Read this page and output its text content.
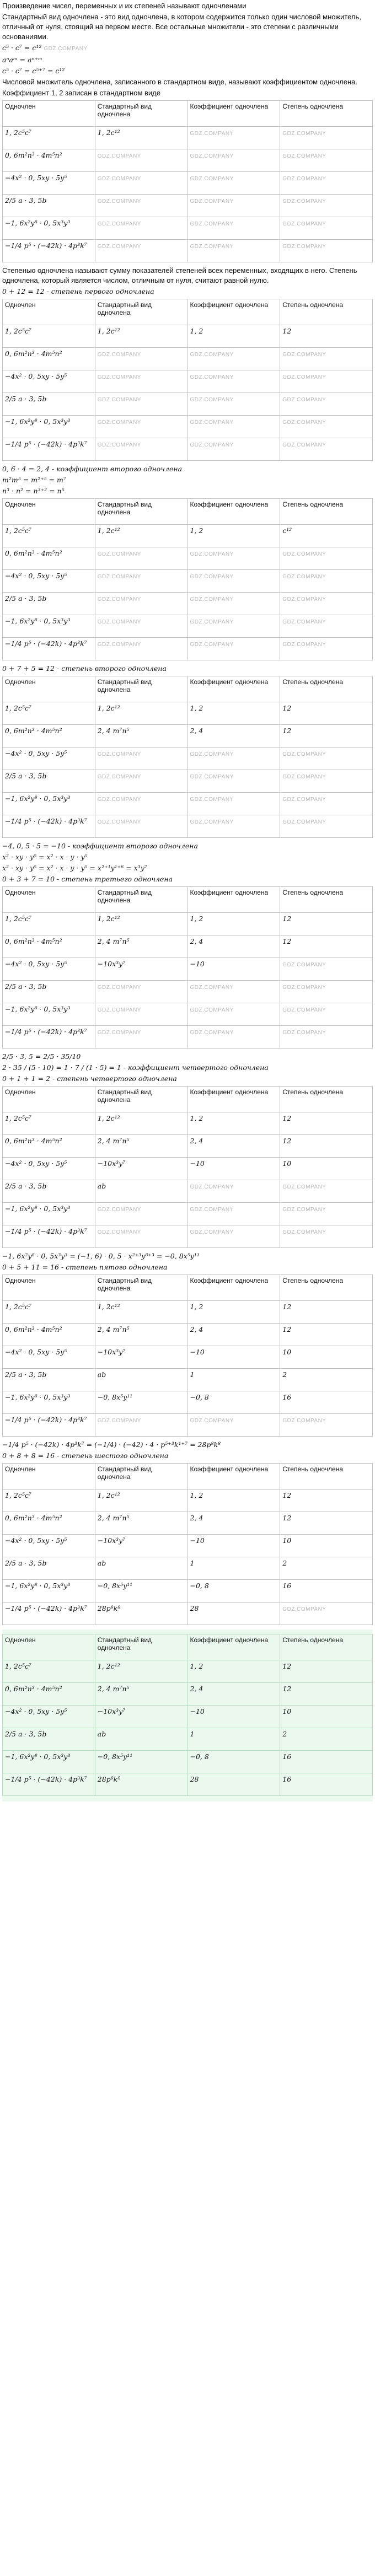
Произведение чисел, переменных и их степеней называют одночленами

Стандартный вид одночлена - это вид одночлена, в котором содержится только один числовой множитель, отличный от нуля, стоящий на первом месте. Все остальные множители - это степени с различными основаниями.

c⁵ · c⁷ = c¹² GDZ.COMPANY

aⁿaᵐ = aⁿ⁺ᵐ

c⁵ · c⁷ = c⁵⁺⁷ = c¹²

Числовой множитель одночлена, записанного в стандартном виде, называют коэффициентом одночлена.

Коэффициент 1, 2 записан в стандартном виде

Одночлен	Стандартный вид одночлена	Коэффициент одночлена	Степень одночлена
1, 2c⁵c⁷	1, 2c¹²	GDZ.COMPANY	GDZ.COMPANY
0, 6m²n³ · 4m⁵n²	GDZ.COMPANY	GDZ.COMPANY	GDZ.COMPANY
−4x² · 0, 5xy · 5y⁵	GDZ.COMPANY	GDZ.COMPANY	GDZ.COMPANY
2/5 a · 3, 5b	GDZ.COMPANY	GDZ.COMPANY	GDZ.COMPANY
−1, 6x²y⁸ · 0, 5x³y³	GDZ.COMPANY	GDZ.COMPANY	GDZ.COMPANY
−1/4 p⁵ · (−42k) · 4p³k⁷	GDZ.COMPANY	GDZ.COMPANY	GDZ.COMPANY

Степенью одночлена называют сумму показателей степеней всех переменных, входящих в него. Степень одночлена, который является числом, отличным от нуля, считают равной нулю.

0 + 12 = 12 - степень первого одночлена

Одночлен	Стандартный вид одночлена	Коэффициент одночлена	Степень одночлена
1, 2c⁵c⁷	1, 2c¹²	1, 2	12
0, 6m²n³ · 4m⁵n²	GDZ.COMPANY	GDZ.COMPANY	GDZ.COMPANY
−4x² · 0, 5xy · 5y⁵	GDZ.COMPANY	GDZ.COMPANY	GDZ.COMPANY
2/5 a · 3, 5b	GDZ.COMPANY	GDZ.COMPANY	GDZ.COMPANY
−1, 6x²y⁸ · 0, 5x³y³	GDZ.COMPANY	GDZ.COMPANY	GDZ.COMPANY
−1/4 p⁵ · (−42k) · 4p³k⁷	GDZ.COMPANY	GDZ.COMPANY	GDZ.COMPANY

0, 6 · 4 = 2, 4 - коэффициент второго одночлена

m²m⁵ = m²⁺⁵ = m⁷

n³ · n² = n³⁺² = n⁵

Одночлен	Стандартный вид одночлена	Коэффициент одночлена	Степень одночлена
1, 2c⁵c⁷	1, 2c¹²	1, 2	c¹²
0, 6m²n³ · 4m⁵n²	GDZ.COMPANY	GDZ.COMPANY	GDZ.COMPANY
−4x² · 0, 5xy · 5y⁵	GDZ.COMPANY	GDZ.COMPANY	GDZ.COMPANY
2/5 a · 3, 5b	GDZ.COMPANY	GDZ.COMPANY	GDZ.COMPANY
−1, 6x²y⁸ · 0, 5x³y³	GDZ.COMPANY	GDZ.COMPANY	GDZ.COMPANY
−1/4 p⁵ · (−42k) · 4p³k⁷	GDZ.COMPANY	GDZ.COMPANY	GDZ.COMPANY

0 + 7 + 5 = 12 - степень второго одночлена

Одночлен	Стандартный вид одночлена	Коэффициент одночлена	Степень одночлена
1, 2c⁵c⁷	1, 2c¹²	1, 2	12
0, 6m²n³ · 4m⁵n²	2, 4 m⁷n⁵	2, 4	12
−4x² · 0, 5xy · 5y⁵	GDZ.COMPANY	GDZ.COMPANY	GDZ.COMPANY
2/5 a · 3, 5b	GDZ.COMPANY	GDZ.COMPANY	GDZ.COMPANY
−1, 6x²y⁸ · 0, 5x³y³	GDZ.COMPANY	GDZ.COMPANY	GDZ.COMPANY
−1/4 p⁵ · (−42k) · 4p³k⁷	GDZ.COMPANY	GDZ.COMPANY	GDZ.COMPANY

−4, 0, 5 · 5 = −10 - коэффициент второго одночлена

x² · xy · y⁵ = x² · x · y · y⁵

x² · xy · y⁵ = x² · x · y · y⁵ = x²⁺¹y¹⁺⁶ = x³y⁷

0 + 3 + 7 = 10 - степень третьего одночлена

Одночлен	Стандартный вид одночлена	Коэффициент одночлена	Степень одночлена
1, 2c⁵c⁷	1, 2c¹²	1, 2	12
0, 6m²n³ · 4m⁵n²	2, 4 m⁷n⁵	2, 4	12
−4x² · 0, 5xy · 5y⁵	−10x³y⁷	−10	GDZ.COMPANY
2/5 a · 3, 5b	GDZ.COMPANY	GDZ.COMPANY	GDZ.COMPANY
−1, 6x²y⁸ · 0, 5x³y³	GDZ.COMPANY	GDZ.COMPANY	GDZ.COMPANY
−1/4 p⁵ · (−42k) · 4p³k⁷	GDZ.COMPANY	GDZ.COMPANY	GDZ.COMPANY

2/5 · 3, 5 = 2/5 · 35/10

2 · 35 / (5 · 10) = 1 · 7 / (1 · 5) = 1 - коэффициент четвертого одночлена

0 + 1 + 1 = 2 - степень четвертого одночлена

Одночлен	Стандартный вид одночлена	Коэффициент одночлена	Степень одночлена
1, 2c⁵c⁷	1, 2c¹²	1, 2	12
0, 6m²n³ · 4m⁵n²	2, 4 m⁷n⁵	2, 4	12
−4x² · 0, 5xy · 5y⁵	−10x³y⁷	−10	10
2/5 a · 3, 5b	ab	GDZ.COMPANY	GDZ.COMPANY
−1, 6x²y⁸ · 0, 5x³y³	GDZ.COMPANY	GDZ.COMPANY	GDZ.COMPANY
−1/4 p⁵ · (−42k) · 4p³k⁷	GDZ.COMPANY	GDZ.COMPANY	GDZ.COMPANY

−1, 6x²y⁸ · 0, 5x³y³ = (−1, 6) · 0, 5 · x²⁺³y⁸⁺³ = −0, 8x⁵y¹¹

0 + 5 + 11 = 16 - степень пятого одночлена

Одночлен	Стандартный вид одночлена	Коэффициент одночлена	Степень одночлена
1, 2c⁵c⁷	1, 2c¹²	1, 2	12
0, 6m²n³ · 4m⁵n²	2, 4 m⁷n⁵	2, 4	12
−4x² · 0, 5xy · 5y⁵	−10x³y⁷	−10	10
2/5 a · 3, 5b	ab	1	2
−1, 6x²y⁸ · 0, 5x³y³	−0, 8x⁵y¹¹	−0, 8	16
−1/4 p⁵ · (−42k) · 4p³k⁷	GDZ.COMPANY	GDZ.COMPANY	GDZ.COMPANY

−1/4 p⁵ · (−42k) · 4p³k⁷ = (−1/4) · (−42) · 4 · p⁵⁺³k¹⁺⁷ = 28p⁸k⁸

0 + 8 + 8 = 16 - степень шестого одночлена

Одночлен	Стандартный вид одночлена	Коэффициент одночлена	Степень одночлена
1, 2c⁵c⁷	1, 2c¹²	1, 2	12
0, 6m²n³ · 4m⁵n²	2, 4 m⁷n⁵	2, 4	12
−4x² · 0, 5xy · 5y⁵	−10x³y⁷	−10	10
2/5 a · 3, 5b	ab	1	2
−1, 6x²y⁸ · 0, 5x³y³	−0, 8x⁵y¹¹	−0, 8	16
−1/4 p⁵ · (−42k) · 4p³k⁷	28p⁸k⁸	28	GDZ.COMPANY
Одночлен	Стандартный вид одночлена	Коэффициент одночлена	Степень одночлена
1, 2c⁵c⁷	1, 2c¹²	1, 2	12
0, 6m²n³ · 4m⁵n²	2, 4 m⁷n⁵	2, 4	12
−4x² · 0, 5xy · 5y⁵	−10x³y⁷	−10	10
2/5 a · 3, 5b	ab	1	2
−1, 6x²y⁸ · 0, 5x³y³	−0, 8x⁵y¹¹	−0, 8	16
−1/4 p⁵ · (−42k) · 4p³k⁷	28p⁸k⁸	28	16
